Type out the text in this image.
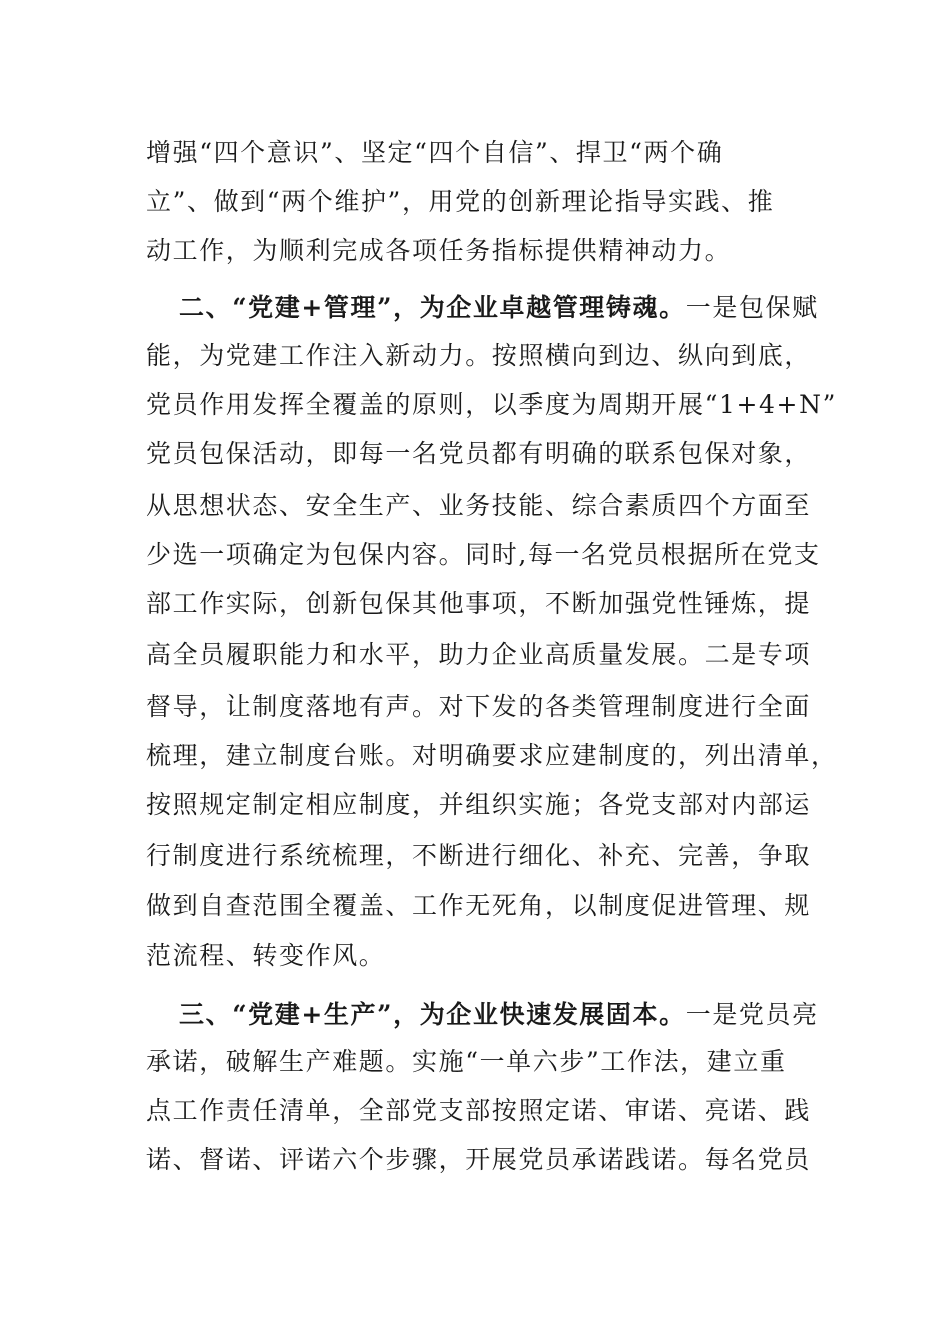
增强“四个意识”、坚定“四个自信”、捍卫“两个确
立”、做到“两个维护”，用党的创新理论指导实践、推
动工作，为顺利完成各项任务指标提供精神动力。
二、“党建+管理”，为企业卓越管理铸魂。一是包保赋
能，为党建工作注入新动力。按照横向到边、纵向到底，
党员作用发挥全覆盖的原则，以季度为周期开展“1+4+N”
党员包保活动，即每一名党员都有明确的联系包保对象，
从思想状态、安全生产、业务技能、综合素质四个方面至
少选一项确定为包保内容。同时,每一名党员根据所在党支
部工作实际，创新包保其他事项，不断加强党性锤炼，提
高全员履职能力和水平，助力企业高质量发展。二是专项
督导，让制度落地有声。对下发的各类管理制度进行全面
梳理，建立制度台账。对明确要求应建制度的，列出清单，
按照规定制定相应制度，并组织实施；各党支部对内部运
行制度进行系统梳理，不断进行细化、补充、完善，争取
做到自查范围全覆盖、工作无死角，以制度促进管理、规
范流程、转变作风。
三、“党建+生产”，为企业快速发展固本。一是党员亮
承诺，破解生产难题。实施“一单六步”工作法，建立重
点工作责任清单，全部党支部按照定诺、审诺、亮诺、践
诺、督诺、评诺六个步骤，开展党员承诺践诺。每名党员
